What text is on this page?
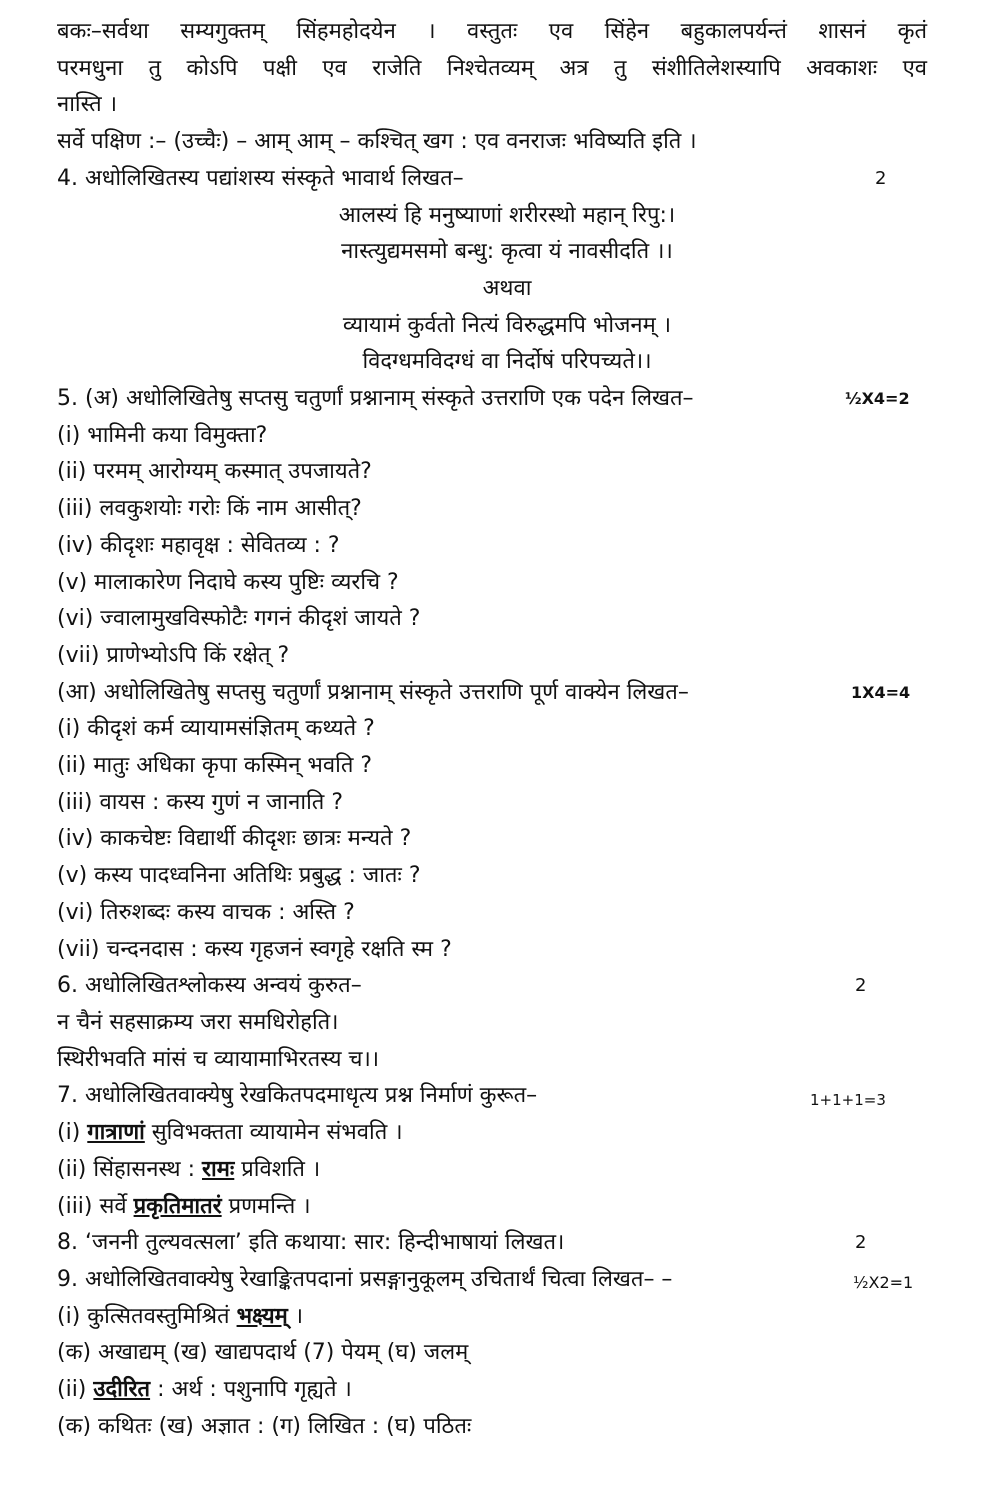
बकः–सर्वथा सम्यगुक्तम् सिंहमहोदयेन । वस्तुतः एव सिंहेन बहुकालपर्यन्तं शासनं कृतं
परमधुना तु कोऽपि पक्षी एव राजेति निश्चेतव्यम् अत्र तु संशीतिलेशस्यापि अवकाशः एव
नास्ति ।
सर्वे पक्षिण :– (उच्चैः) – आम् आम् – कश्चित् खग : एव वनराजः भविष्यति इति ।
4. अधोलिखितस्य पद्यांशस्य संस्कृते भावार्थ लिखत–	2
आलस्यं हि मनुष्याणां शरीरस्थो महान् रिपु:।
नास्त्युद्यमसमो बन्धु: कृत्वा यं नावसीदति ।।
अथवा
व्यायामं कुर्वतो नित्यं विरुद्धमपि भोजनम् ।
विदग्धमविदग्धं वा निर्दोषं परिपच्यते।।
5. (अ) अधोलिखितेषु सप्तसु चतुर्णां प्रश्नानाम् संस्कृते उत्तराणि एक पदेन लिखत–	½X4=2
(i) भामिनी कया विमुक्ता?
(ii) परमम् आरोग्यम् कस्मात् उपजायते?
(iii) लवकुशयोः गरोः किं नाम आसीत्?
(iv) कीदृशः महावृक्ष : सेवितव्य : ?
(v) मालाकारेण निदाघे कस्य पुष्टिः व्यरचि ?
(vi) ज्वालामुखविस्फोटैः गगनं कीदृशं जायते ?
(vii) प्राणेभ्योऽपि किं रक्षेत् ?
(आ) अधोलिखितेषु सप्तसु चतुर्णां प्रश्नानाम् संस्कृते उत्तराणि पूर्ण वाक्येन लिखत–	1X4=4
(i) कीदृशं कर्म व्यायामसंज्ञितम् कथ्यते ?
(ii) मातुः अधिका कृपा कस्मिन् भवति ?
(iii) वायस : कस्य गुणं न जानाति ?
(iv) काकचेष्टः विद्यार्थी कीदृशः छात्रः मन्यते ?
(v) कस्य पादध्वनिना अतिथिः प्रबुद्ध : जातः ?
(vi) तिरुशब्दः कस्य वाचक : अस्ति ?
(vii) चन्दनदास : कस्य गृहजनं स्वगृहे रक्षति स्म ?
6. अधोलिखितश्लोकस्य अन्वयं कुरुत–	2
न चैनं सहसाक्रम्य जरा समधिरोहति।
स्थिरीभवति मांसं च व्यायामाभिरतस्य च।।
7. अधोलिखितवाक्येषु रेखकितपदमाधृत्य प्रश्न निर्माणं कुरूत–	1+1+1=3
(i) गात्राणां सुविभक्तता व्यायामेन संभवति ।
(ii) सिंहासनस्थ : रामः प्रविशति ।
(iii) सर्वे प्रकृतिमातरं प्रणमन्ति ।
8. ‘जननी तुल्यवत्सला’ इति कथाया: सार: हिन्दीभाषायां लिखत।	2
9. अधोलिखितवाक्येषु रेखाङ्कितपदानां प्रसङ्गानुकूलम् उचितार्थं चित्वा लिखत– –	½X2=1
(i) कुत्सितवस्तुमिश्रितं भक्ष्यम् ।
(क) अखाद्यम् (ख) खाद्यपदार्थ (7) पेयम् (घ) जलम्
(ii) उदीरित : अर्थ : पशुनापि गृह्यते ।
(क) कथितः (ख) अज्ञात : (ग) लिखित : (घ) पठितः
